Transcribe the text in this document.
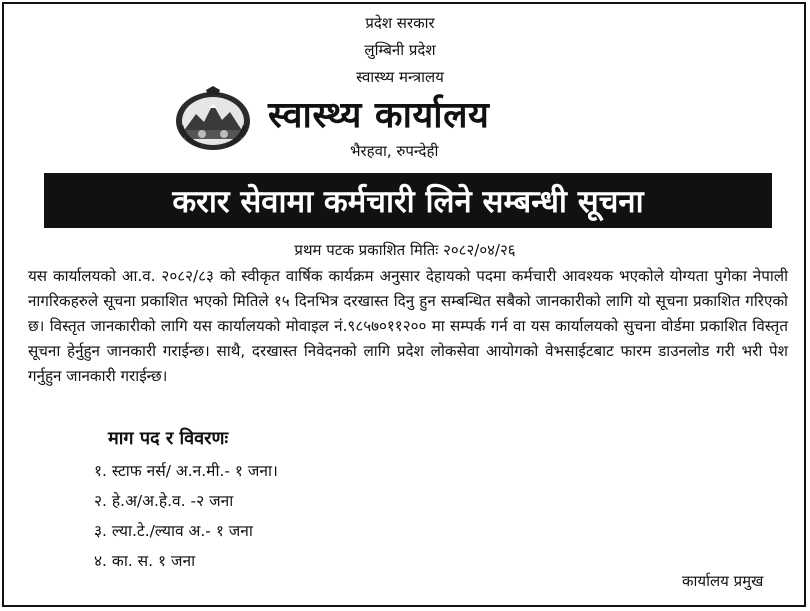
प्रदेश सरकार
लुम्बिनी प्रदेश
स्वास्थ्य मन्त्रालय
स्वास्थ्य कार्यालय
भैरहवा, रुपन्देही
करार सेवामा कर्मचारी लिने सम्बन्धी सूचना
प्रथम पटक प्रकाशित मितिः २०८२/०४/२६
यस कार्यालयको आ.व. २०८२/८३ को स्वीकृत वार्षिक कार्यक्रम अनुसार देहायको पदमा कर्मचारी आवश्यक भएकोले योग्यता पुगेका नेपाली नागरिकहरुले सूचना प्रकाशित भएको मितिले १५ दिनभित्र दरखास्त दिनु हुन सम्बन्धित सबैको जानकारीको लागि यो सूचना प्रकाशित गरिएको छ। विस्तृत जानकारीको लागि यस कार्यालयको मोवाइल नं.९८५७०११२०० मा सम्पर्क गर्न वा यस कार्यालयको सुचना वोर्डमा प्रकाशित विस्तृत सूचना हेर्नुहुन जानकारी गराईन्छ। साथै, दरखास्त निवेदनको लागि प्रदेश लोकसेवा आयोगको वेभसाईटबाट फारम डाउनलोड गरी भरी पेश गर्नुहुन जानकारी गराईन्छ।
माग पद र विवरणः
१. स्टाफ नर्स/ अ.न.मी.- १ जना।
२. हे.अ/अ.हे.व. -२ जना
३. ल्या.टे./ल्याव अ.- १ जना
४. का. स. १ जना
कार्यालय प्रमुख
